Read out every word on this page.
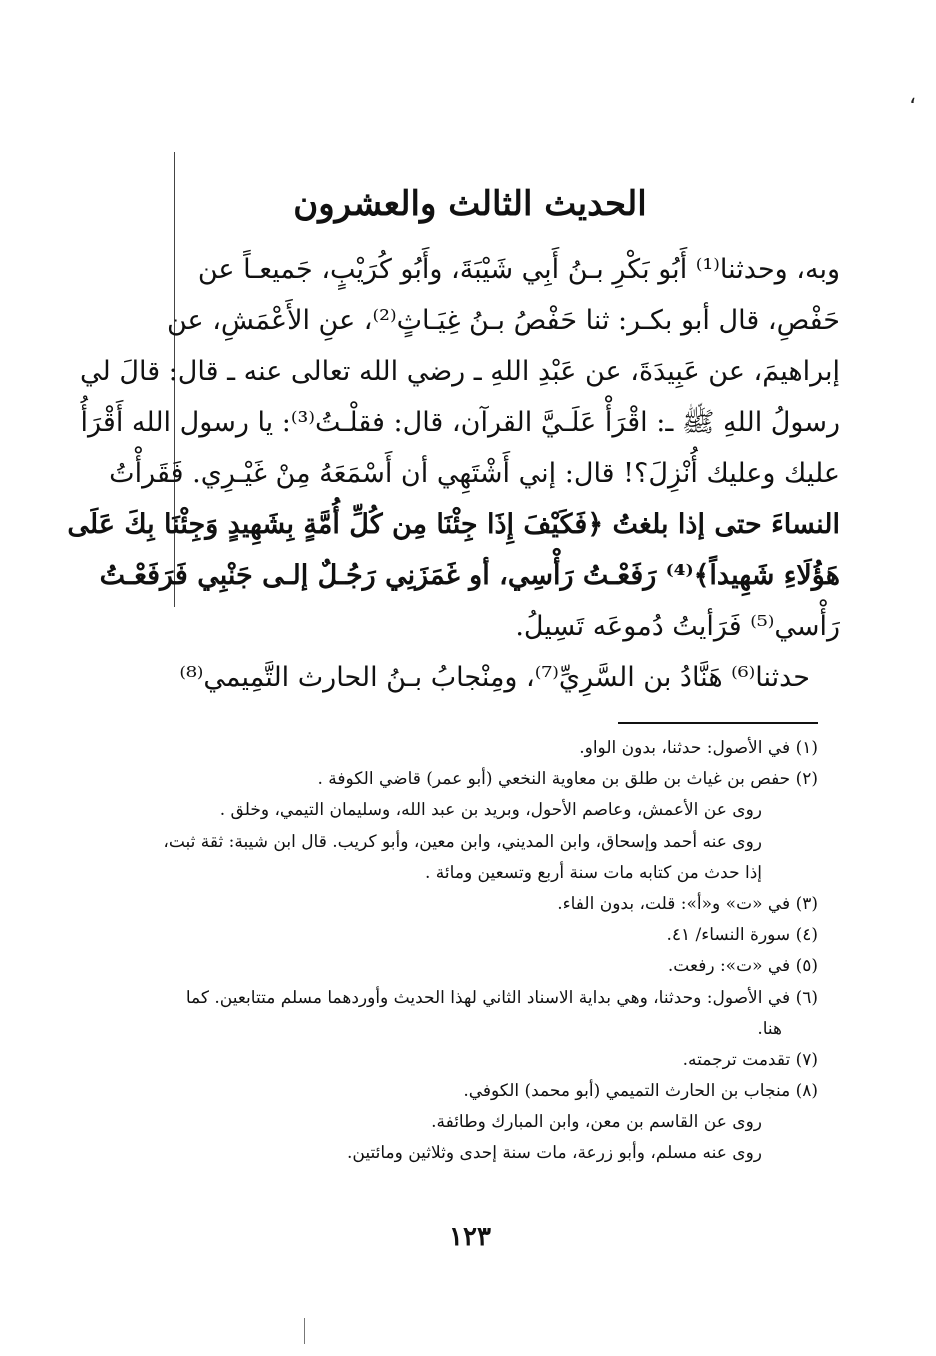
،
الحديث الثالث والعشرون
وبه، وحدثنا⁽¹⁾ أَبُو بَكْرِ بـنُ أَبِي شَيْبَةَ، وأَبُو كُرَيْبٍ، جَميعـاً عن
حَفْصِ، قال أبو بكـر: ثنا حَفْصُ بـنُ غِيَـاثٍ⁽²⁾، عنِ الأَعْمَشِ، عن
إبراهيمَ، عن عَبِيدَةَ، عن عَبْدِ اللهِ ـ رضي الله تعالى عنه ـ قال: قالَ لي
رسولُ اللهِ ﷺ ـ: اقْرَأْ عَلَـيَّ القرآن، قال: فقلْـتُ⁽³⁾: يا رسول الله أَقْرَأُ
عليك وعليك أُنْزِلَ؟! قال: إني أَشْتَهِي أن أَسْمَعَهُ مِنْ غَيْـرِي. فَقَرأْتُ
النساءَ حتى إذا بلغتُ ﴿فَكَيْفَ إِذَا جِئْنَا مِن كُلِّ أُمَّةٍ بِشَهِيدٍ وَجِئْنَا بِكَ عَلَى
هَؤُلَاءِ شَهِيداً﴾⁽⁴⁾ رَفَعْـتُ رَأْسِي، أو غَمَزَنِي رَجُـلٌ إلـى جَنْبِي فَرَفَعْـتُ
رَأْسي⁽⁵⁾ فَرَأيتُ دُموعَه تَسِيلُ.
حدثنا⁽⁶⁾ هَنَّادُ بن السَّرِيِّ⁽⁷⁾، ومِنْجابُ بـنُ الحارث التَّمِيمي⁽⁸⁾
(١) في الأصول: حدثنا، بدون الواو.
(٢) حفص بن غياث بن طلق بن معاوية النخعي (أبو عمر) قاضي الكوفة .
روى عن الأعمش، وعاصم الأحول، وبريد بن عبد الله، وسليمان التيمي، وخلق .
روى عنه أحمد وإسحاق، وابن المديني، وابن معين، وأبو كريب. قال ابن شيبة: ثقة ثبت،
إذا حدث من كتابه مات سنة أربع وتسعين ومائة .
(٣) في «ت» و«أ»: قلت، بدون الفاء.
(٤) سورة النساء/ ٤١.
(٥) في «ت»: رفعت.
(٦) في الأصول: وحدثنا، وهي بداية الاسناد الثاني لهذا الحديث وأوردهما مسلم متتابعين. كما
هنا.
(٧) تقدمت ترجمته.
(٨) منجاب بن الحارث التميمي (أبو محمد) الكوفي.
روى عن القاسم بن معن، وابن المبارك وطائفة.
روى عنه مسلم، وأبو زرعة، مات سنة إحدى وثلاثين ومائتين.
١٢٣
